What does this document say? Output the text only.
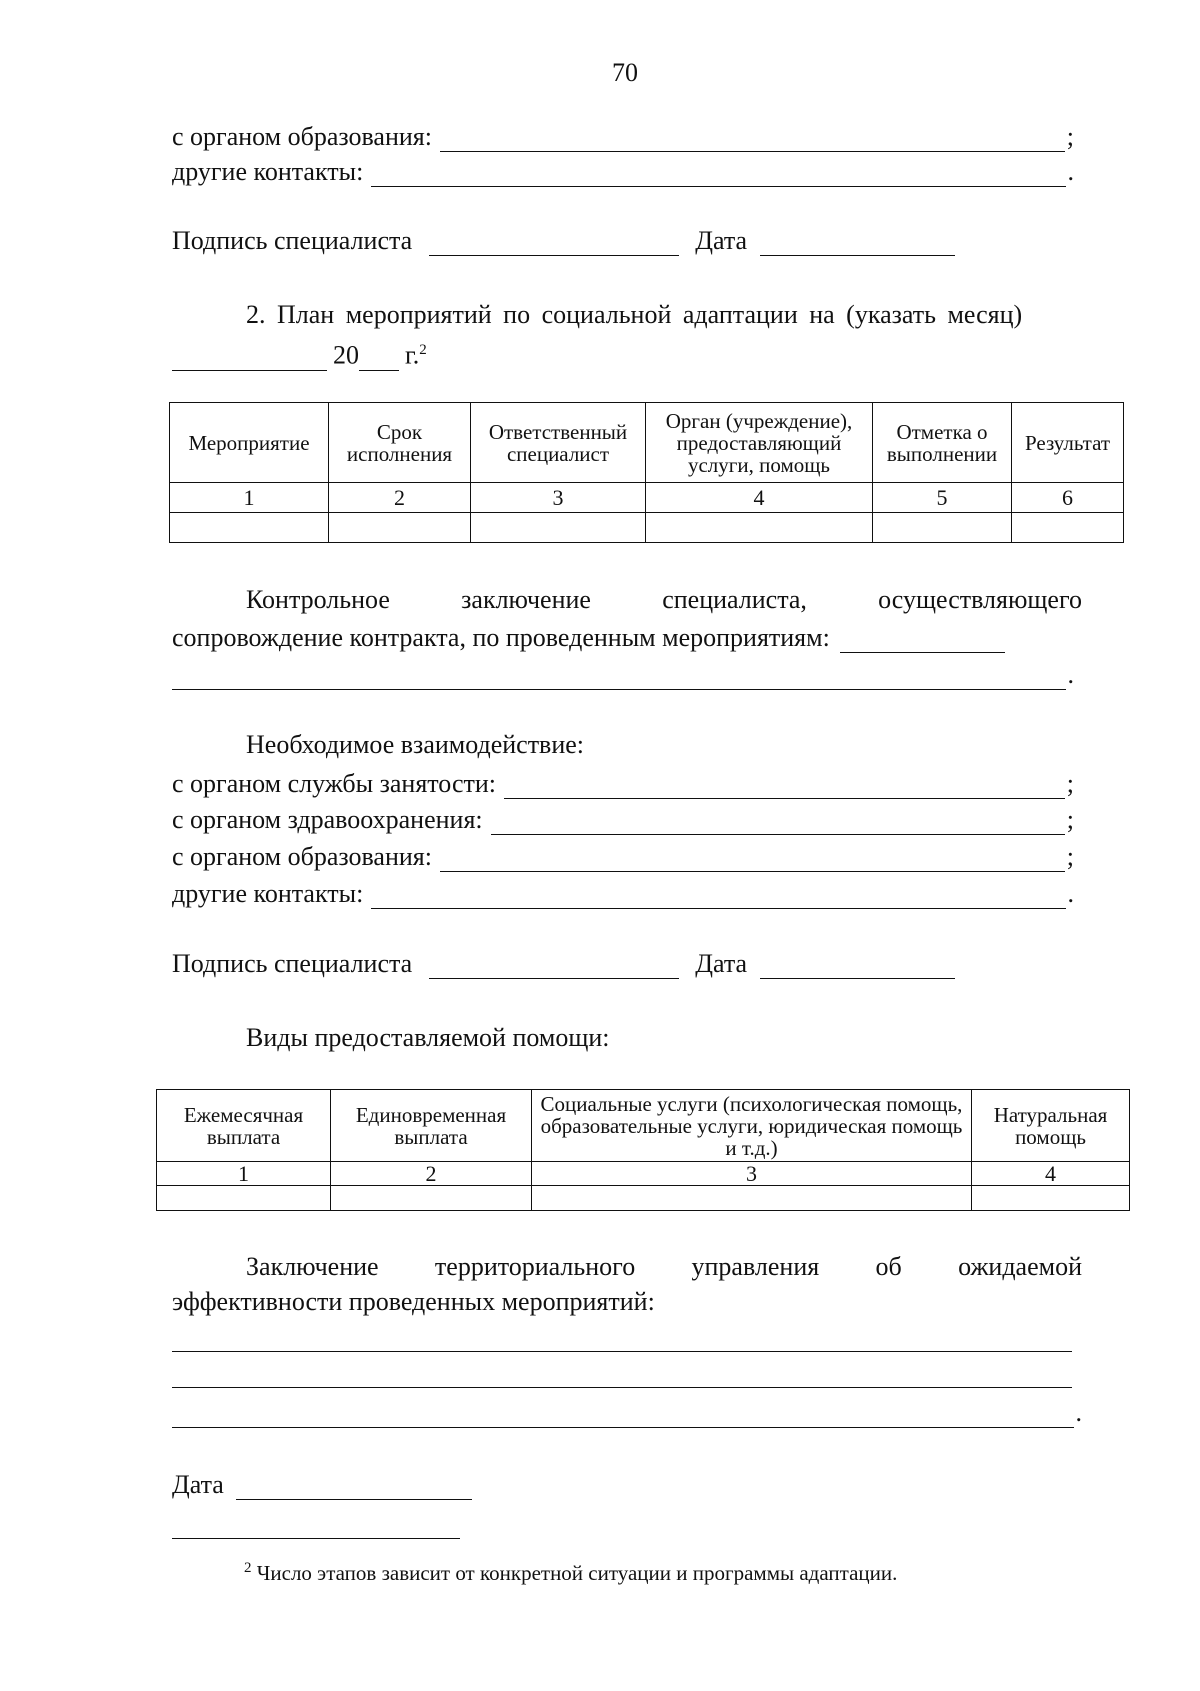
70
с органом образования:	;
другие контакты:	.
Подпись специалиста	Дата
2. План мероприятий по социальной адаптации на (указать месяц)
20 г.$^2$
Мероприятие	Срок исполнения	Ответственный специалист	Орган (учреждение), предоставляющий услуги, помощь	Отметка о выполнении	Результат
1	2	3	4	5	6

Контрольное заключение специалиста, осуществляющего
сопровождение контракта, по проведенным мероприятиям:
.
Необходимое взаимодействие:
с органом службы занятости:	;
с органом здравоохранения:	;
с органом образования:	;
другие контакты:	.
Подпись специалиста	Дата
Виды предоставляемой помощи:
Ежемесячная выплата	Единовременная выплата	Социальные услуги (психологическая помощь, образовательные услуги, юридическая помощь и т.д.)	Натуральная помощь
1	2	3	4

Заключение территориального управления об ожидаемой
эффективности проведенных мероприятий:
.
Дата
$^2$ Число этапов зависит от конкретной ситуации и программы адаптации.
